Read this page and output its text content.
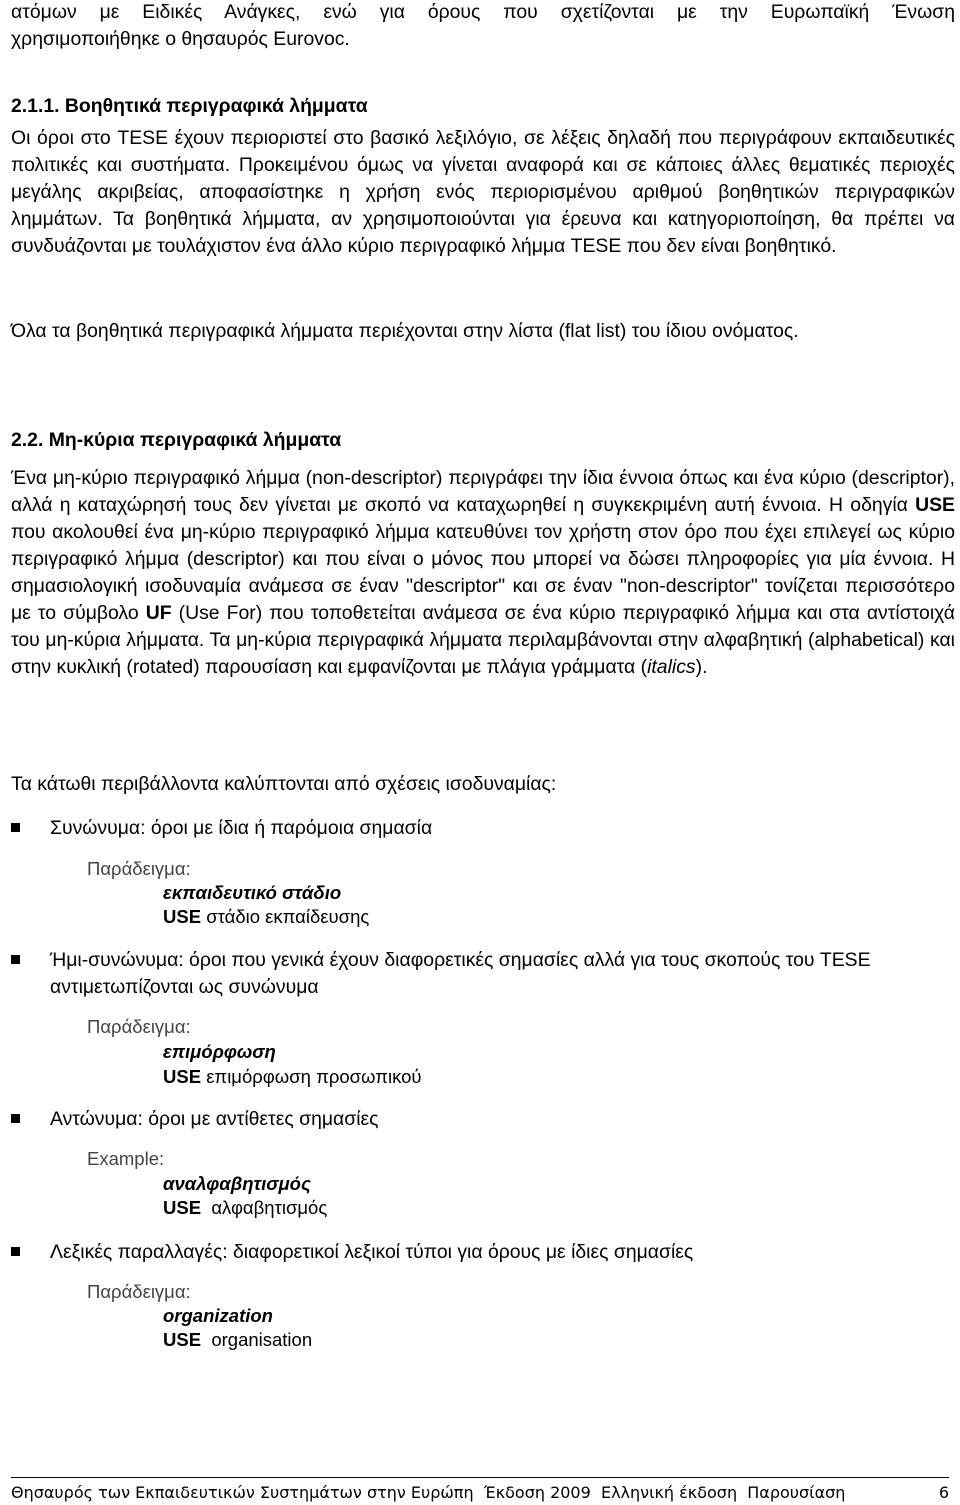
ατόμων με Ειδικές Ανάγκες, ενώ για όρους που σχετίζονται με την Ευρωπαϊκή Ένωση

χρησιμοποιήθηκε ο θησαυρός Eurovoc.

2.1.1. Βοηθητικά περιγραφικά λήμματα

Οι όροι στο TESE έχουν περιοριστεί στο βασικό λεξιλόγιο, σε λέξεις δηλαδή που περιγράφουν εκπαιδευτικές πολιτικές και συστήματα. Προκειμένου όμως να γίνεται αναφορά και σε κάποιες άλλες θεματικές περιοχές μεγάλης ακριβείας, αποφασίστηκε η χρήση ενός περιορισμένου αριθμού βοηθητικών περιγραφικών λημμάτων. Τα βοηθητικά λήμματα, αν χρησιμοποιούνται για έρευνα και κατηγοριοποίηση, θα πρέπει να συνδυάζονται με τουλάχιστον ένα άλλο κύριο περιγραφικό λήμμα TESE που δεν είναι βοηθητικό.

Όλα τα βοηθητικά περιγραφικά λήμματα περιέχονται στην λίστα (flat list) του ίδιου ονόματος.

2.2. Μη-κύρια περιγραφικά λήμματα

Ένα μη-κύριο περιγραφικό λήμμα (non-descriptor) περιγράφει την ίδια έννοια όπως και ένα κύριο (descriptor), αλλά η καταχώρησή τους δεν γίνεται με σκοπό να καταχωρηθεί η συγκεκριμένη αυτή έννοια. Η οδηγία USE που ακολουθεί ένα μη-κύριο περιγραφικό λήμμα κατευθύνει τον χρήστη στον όρο που έχει επιλεγεί ως κύριο περιγραφικό λήμμα (descriptor) και που είναι ο μόνος που μπορεί να δώσει πληροφορίες για μία έννοια. Η σημασιολογική ισοδυναμία ανάμεσα σε έναν "descriptor" και σε έναν "non-descriptor" τονίζεται περισσότερο με το σύμβολο UF (Use For) που τοποθετείται ανάμεσα σε ένα κύριο περιγραφικό λήμμα και στα αντίστοιχά του μη-κύρια λήμματα. Τα μη-κύρια περιγραφικά λήμματα περιλαμβάνονται στην αλφαβητική (alphabetical) και στην κυκλική (rotated) παρουσίαση και εμφανίζονται με πλάγια γράμματα (italics).

Τα κάτωθι περιβάλλοντα καλύπτονται από σχέσεις ισοδυναμίας:

Συνώνυμα: όροι με ίδια ή παρόμοια σημασία
Παράδειγμα:
εκπαιδευτικό στάδιο
USE στάδιο εκπαίδευσης
Ήμι-συνώνυμα: όροι που γενικά έχουν διαφορετικές σημασίες αλλά για τους σκοπούς του TESE αντιμετωπίζονται ως συνώνυμα
Παράδειγμα:
επιμόρφωση
USE επιμόρφωση προσωπικού
Αντώνυμα: όροι με αντίθετες σημασίες
Example:
αναλφαβητισμός
USE αλφαβητισμός
Λεξικές παραλλαγές: διαφορετικοί λεξικοί τύποι για όρους με ίδιες σημασίες
Παράδειγμα:
organization
USE organisation
Θησαυρός των Εκπαιδευτικών Συστημάτων στην Ευρώπη  Έκδοση 2009  Ελληνική έκδοση  Παρουσίαση	6
